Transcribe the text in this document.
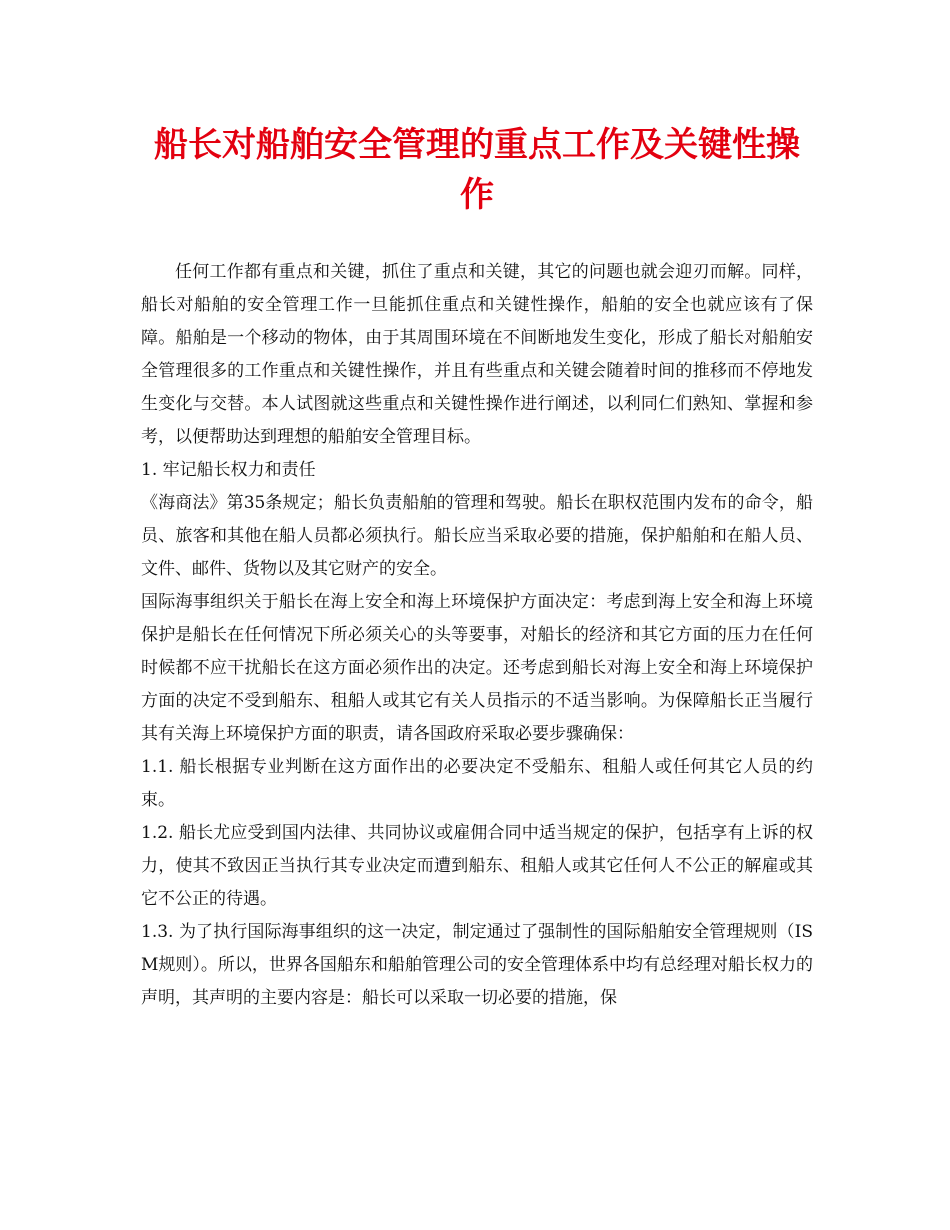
船长对船舶安全管理的重点工作及关键性操作

任何工作都有重点和关键，抓住了重点和关键，其它的问题也就会迎刃而解。同样，船长对船舶的安全管理工作一旦能抓住重点和关键性操作，船舶的安全也就应该有了保障。船舶是一个移动的物体，由于其周围环境在不间断地发生变化，形成了船长对船舶安全管理很多的工作重点和关键性操作，并且有些重点和关键会随着时间的推移而不停地发生变化与交替。本人试图就这些重点和关键性操作进行阐述，以利同仁们熟知、掌握和参考，以便帮助达到理想的船舶安全管理目标。

1. 牢记船长权力和责任

《海商法》第35条规定；船长负责船舶的管理和驾驶。船长在职权范围内发布的命令，船员、旅客和其他在船人员都必须执行。船长应当采取必要的措施，保护船舶和在船人员、文件、邮件、货物以及其它财产的安全。

国际海事组织关于船长在海上安全和海上环境保护方面决定：考虑到海上安全和海上环境保护是船长在任何情况下所必须关心的头等要事，对船长的经济和其它方面的压力在任何时候都不应干扰船长在这方面必须作出的决定。还考虑到船长对海上安全和海上环境保护方面的决定不受到船东、租船人或其它有关人员指示的不适当影响。为保障船长正当履行其有关海上环境保护方面的职责，请各国政府采取必要步骤确保：

1.1. 船长根据专业判断在这方面作出的必要决定不受船东、租船人或任何其它人员的约束。

1.2. 船长尤应受到国内法律、共同协议或雇佣合同中适当规定的保护，包括享有上诉的权力，使其不致因正当执行其专业决定而遭到船东、租船人或其它任何人不公正的解雇或其它不公正的待遇。

1.3. 为了执行国际海事组织的这一决定，制定通过了强制性的国际船舶安全管理规则（ISM规则）。所以，世界各国船东和船舶管理公司的安全管理体系中均有总经理对船长权力的声明，其声明的主要内容是：船长可以采取一切必要的措施，保
